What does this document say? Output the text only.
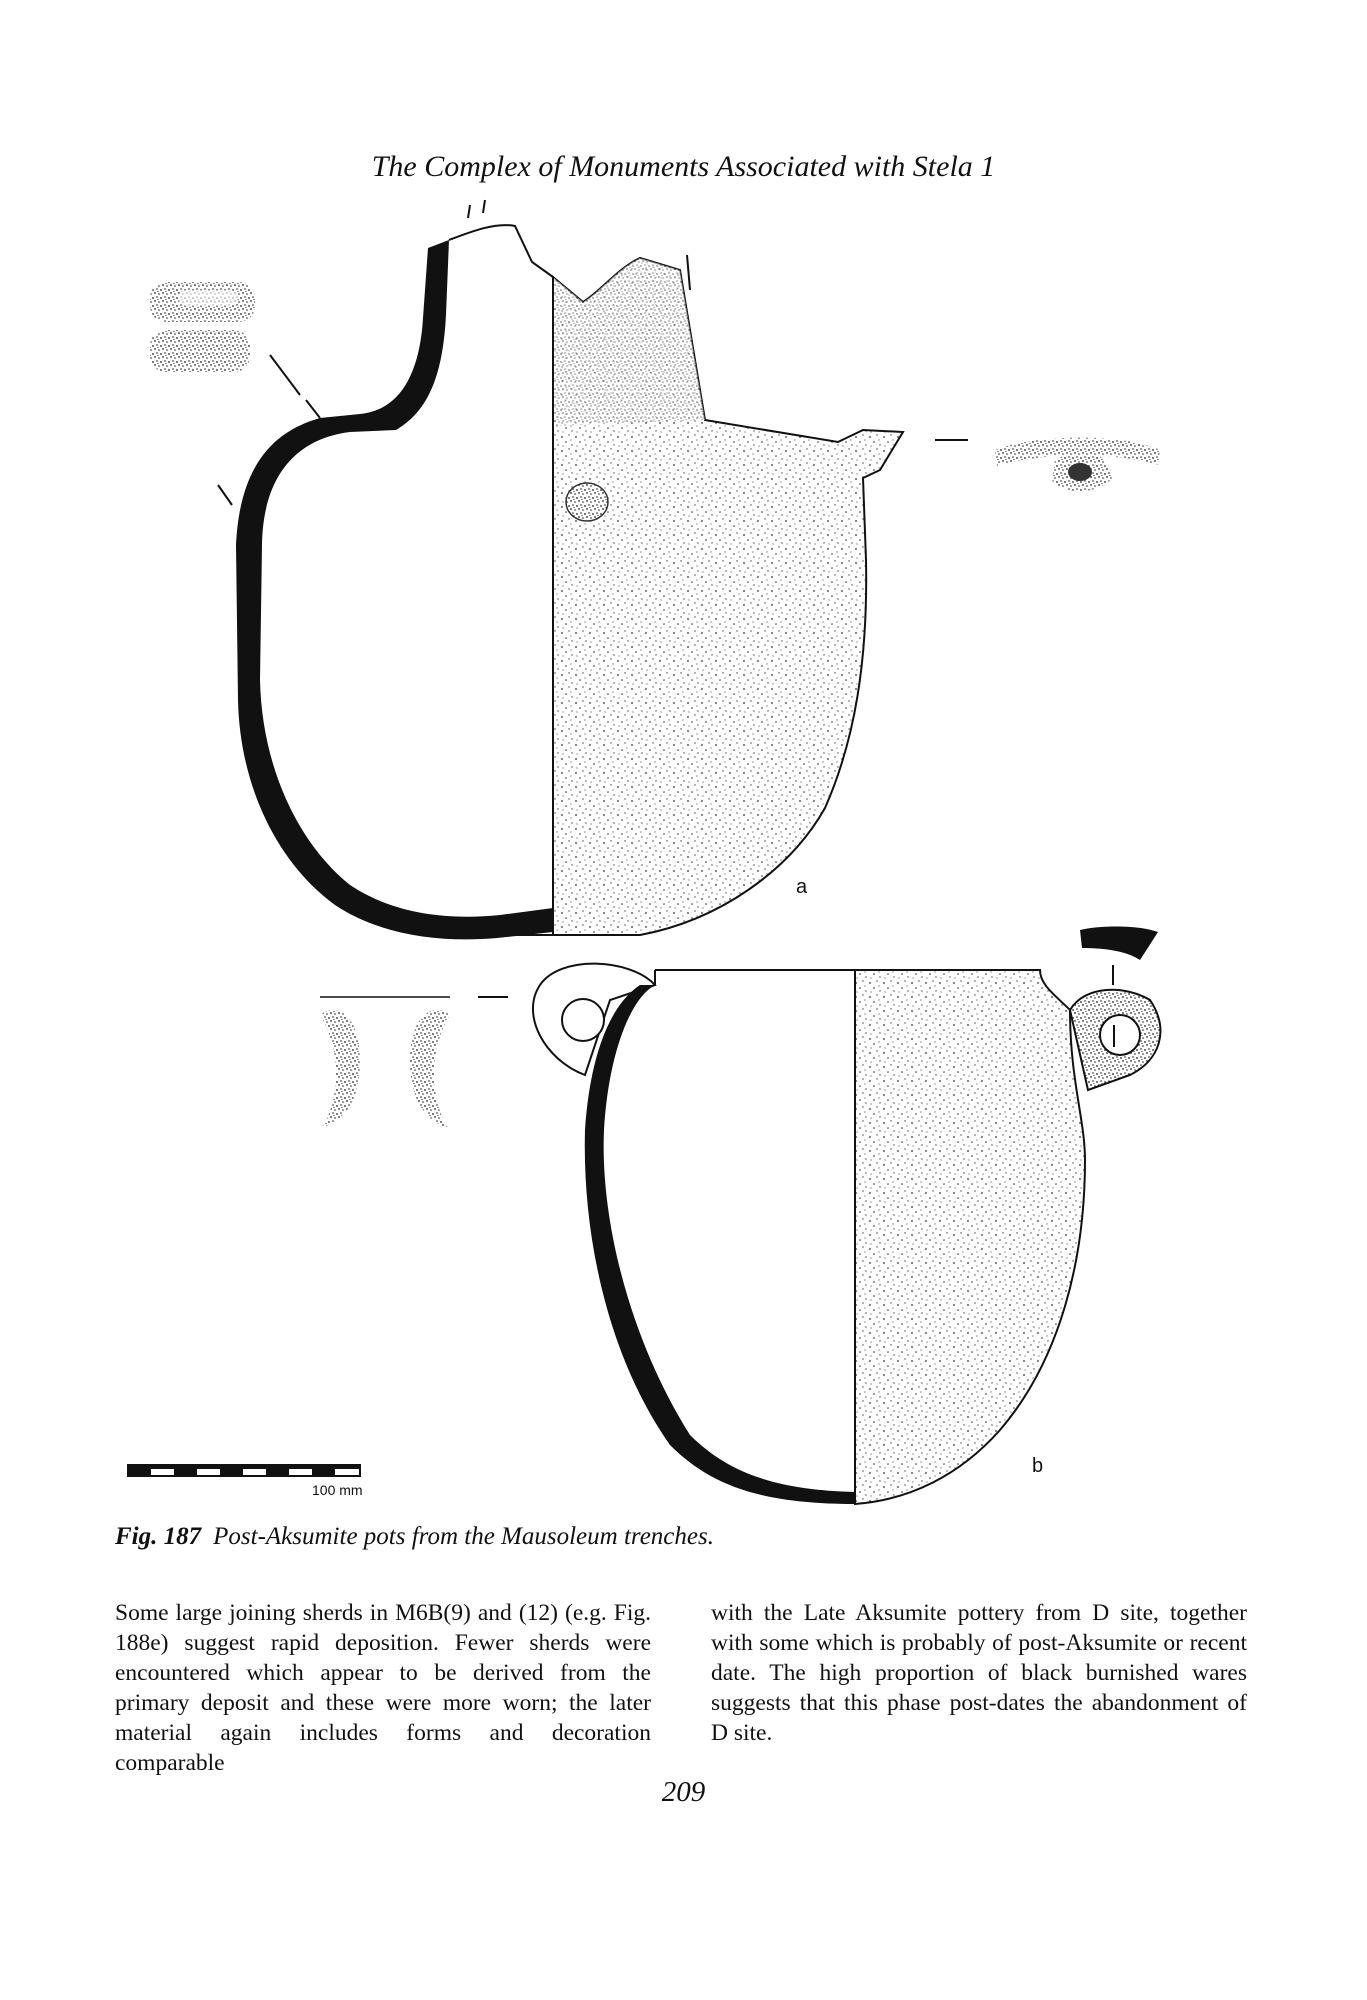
The Complex of Monuments Associated with Stela 1
a
b
100 mm
Fig. 187 Post-Aksumite pots from the Mausoleum trenches.

Some large joining sherds in M6B(9) and (12) (e.g. Fig. 188e) suggest rapid deposition. Fewer sherds were encountered which appear to be derived from the primary deposit and these were more worn; the later material again includes forms and decoration comparable

with the Late Aksumite pottery from D site, together with some which is probably of post-Aksumite or recent date. The high proportion of black burnished wares suggests that this phase post-dates the abandonment of D site.

209
